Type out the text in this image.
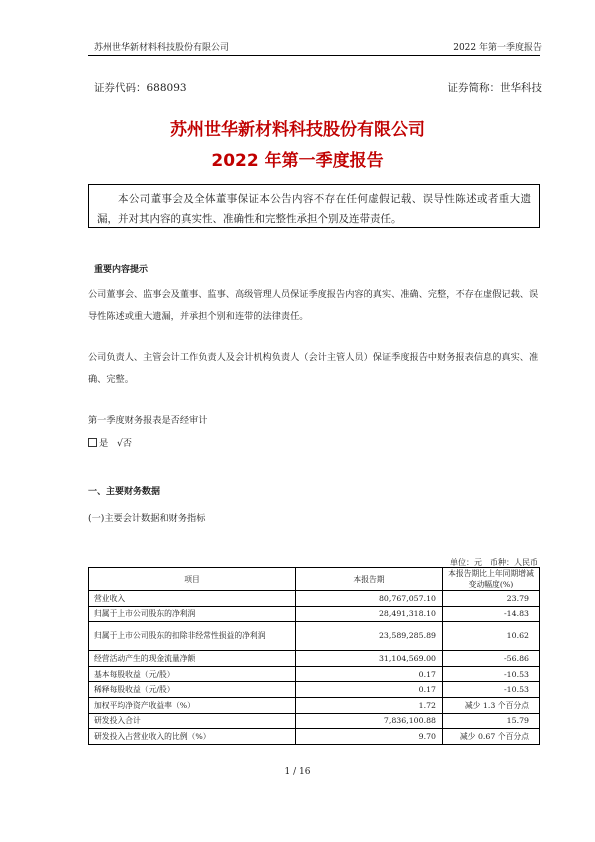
苏州世华新材料科技股份有限公司	2022 年第一季度报告
证券代码：688093	证券简称：世华科技
苏州世华新材料科技股份有限公司
2022 年第一季度报告
本公司董事会及全体董事保证本公告内容不存在任何虚假记载、误导性陈述或者重大遗漏，并对其内容的真实性、准确性和完整性承担个别及连带责任。
重要内容提示
公司董事会、监事会及董事、监事、高级管理人员保证季度报告内容的真实、准确、完整，不存在虚假记载、误导性陈述或重大遗漏，并承担个别和连带的法律责任。
公司负责人、主管会计工作负责人及会计机构负责人（会计主管人员）保证季度报告中财务报表信息的真实、准确、完整。
第一季度财务报表是否经审计
是 √否
一、主要财务数据
(一)主要会计数据和财务指标
单位：元　币种：人民币
项目	本报告期	本报告期比上年同期增减变动幅度(%)
营业收入	80,767,057.10	23.79
归属于上市公司股东的净利润	28,491,318.10	-14.83
归属于上市公司股东的扣除非经常性损益的净利润	23,589,285.89	10.62
经营活动产生的现金流量净额	31,104,569.00	-56.86
基本每股收益（元/股）	0.17	-10.53
稀释每股收益（元/股）	0.17	-10.53
加权平均净资产收益率（%）	1.72	减少 1.3 个百分点
研发投入合计	7,836,100.88	15.79
研发投入占营业收入的比例（%）	9.70	减少 0.67 个百分点
1 / 16
